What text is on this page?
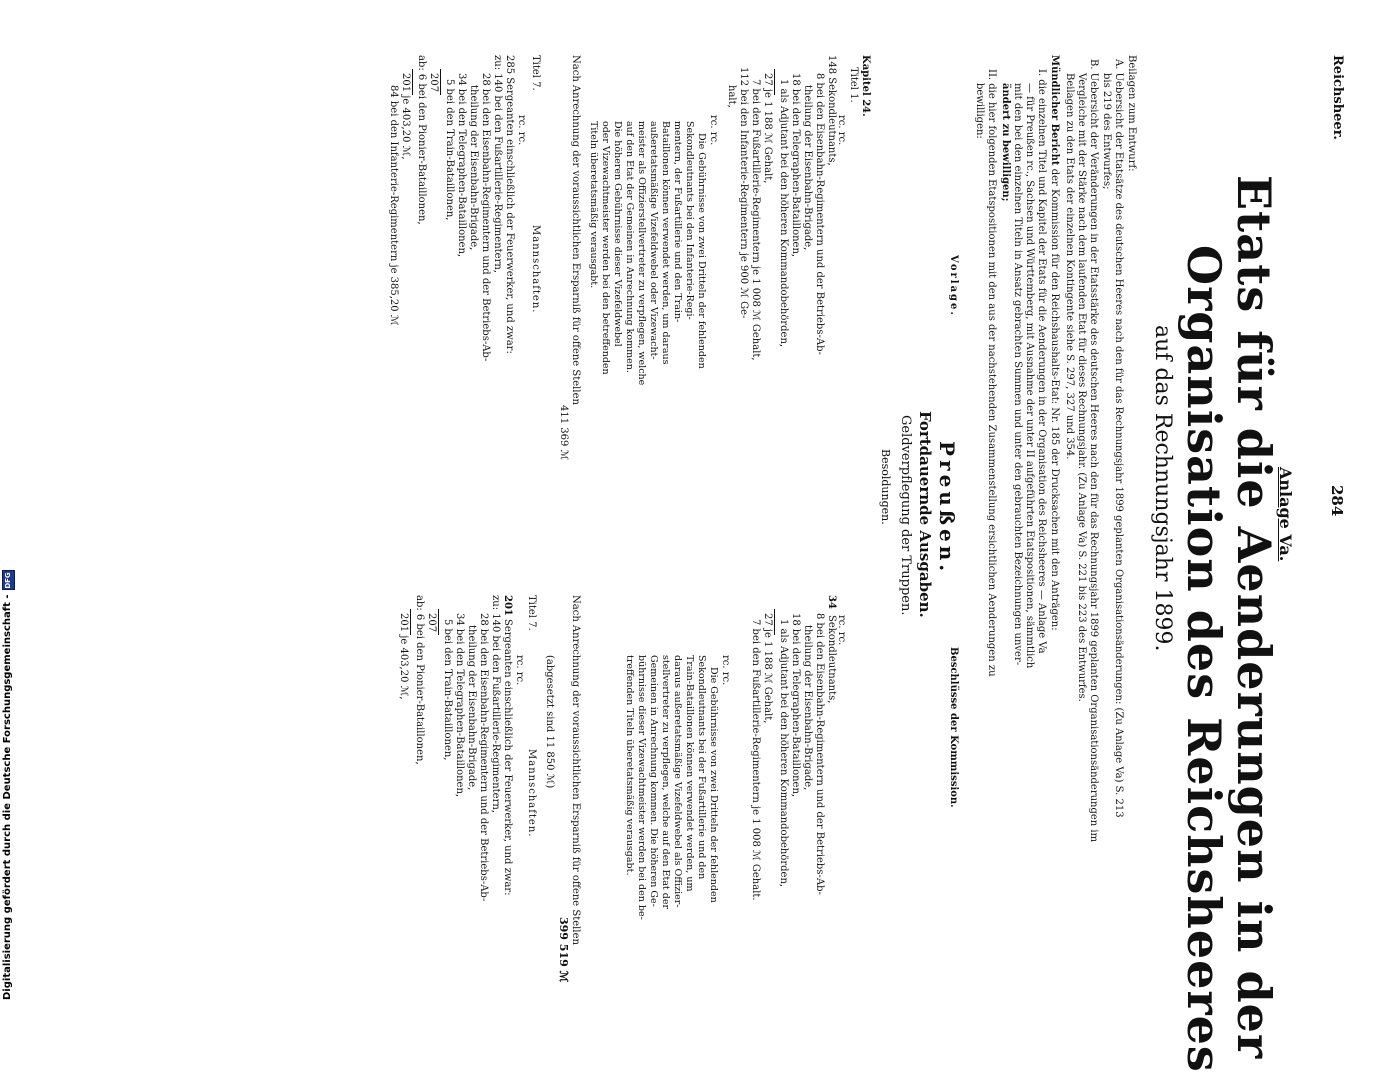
Reichsheer.
284
Anlage Va.
Etats für die Aenderungen in der
Organisation des Reichsheeres
auf das Rechnungsjahr 1899.
Beilagen zum Entwurf:
A. Uebersicht der Etatsätze des deutschen Heeres nach den für das Rechnungsjahr 1899 geplanten Organisationsänderungen: (Zu Anlage Va) S. 213
bis 219 des Entwurfes;
B. Uebersicht der Veränderungen in der Etatsstärke des deutschen Heeres nach den für das Rechnungsjahr 1899 geplanten Organisationsänderungen im
Vergleiche mit der Stärke nach dem laufenden Etat für dieses Rechnungsjahr. (Zu Anlage Va) S. 221 bis 223 des Entwurfes.
Beilagen zu den Etats der einzelnen Kontingente siehe S. 297, 327 und 354.
Mündlicher Bericht der Kommission für den Reichshaushalts-Etat: Nr. 185 der Drucksachen mit den Anträgen:
I. die einzelnen Titel und Kapitel der Etats für die Aenderungen in der Organisation des Reichsheeres — Anlage Va
— für Preußen rc., Sachsen und Württemberg, mit Ausnahme der unter II aufgeführten Etatspositionen, sämmtlich
mit den bei den einzelnen Titeln in Ansatz gebrachten Summen und unter den gebrauchten Bezeichnungen unver-
ändert zu bewilligen;
II. die hier folgenden Etatspositionen mit den aus der nachstehenden Zusammenstellung ersichtlichen Aenderungen zu
bewilligen:
Vorlage.
Beschlüsse der Kommission.
Preußen.
Fortdauernde Ausgaben.
Geldverpflegung der Truppen.
Besoldungen.
Kapitel 24.
Titel 1.
rc. rc.
148 Sekondleutnants,
8 bei den Eisenbahn-Regimentern und der Betriebs-Ab-
theilung der Eisenbahn-Brigade,
18 bei den Telegraphen-Bataillonen,
1 als Adjutant bei den höheren Kommandobehörden,
27 je 1 188 ℳ Gehalt,
7 bei den Fußartillerie-Regimentern je 1 008 ℳ Gehalt,
112 bei den Infanterie-Regimentern je 900 ℳ Ge-
halt,
rc. rc.
Die Gebührnisse von zwei Dritteln der fehlenden
Sekondleutnants bei den Infanterie-Regi-
mentern, der Fußartillerie und den Train-
Bataillonen können verwendet werden, um daraus
außeretatsmäßige Vizefeldwebel oder Vizewacht-
meister als Offizierstellvertreter zu verpflegen, welche
auf den Etat der Gemeinen in Anrechnung kommen.
Die höheren Gebührnisse dieser Vizefeldwebel
oder Vizewachtmeister werden bei den betreffenden
Titeln überetatsmäßig verausgabt.
Nach Anrechnung der voraussichtlichen Ersparniß für offene Stellen
411 369 ℳ
Titel 7.
Mannschaften.
rc. rc.
285 Sergeanten einschließlich der Feuerwerker, und zwar:
zu: 140 bei den Fußartillerie-Regimentern,
28 bei den Eisenbahn-Regimentern und der Betriebs-Ab-
theilung der Eisenbahn-Brigade,
34 bei den Telegraphen-Bataillonen,
5 bei den Train-Bataillonen,
207
ab: 6 bei den Pionier-Bataillonen,
201 je 403,20 ℳ,
84 bei den Infanterie-Regimentern je 385,20 ℳ
rc. rc.
34
Sekondleutnants,
8 bei den Eisenbahn-Regimentern und der Betriebs-Ab-
theilung der Eisenbahn-Brigade,
18 bei den Telegraphen-Bataillonen,
1 als Adjutant bei den höheren Kommandobehörden,
27 je 1 188 ℳ Gehalt,
7 bei den Fußartillerie-Regimentern je 1 008 ℳ Gehalt.
rc. rc.
Die Gebührnisse von zwei Dritteln der fehlenden
Sekondleutnants bei der Fußartillerie und den
Train-Bataillonen können verwendet werden, um
daraus außeretatsmäßige Vizefeldwebel als Offizier-
stellvertreter zu verpflegen, welche auf den Etat der
Gemeinen in Anrechnung kommen. Die höheren Ge-
bührnisse dieser Vizewachtmeister werden bei den be-
treffenden Titeln überetatsmäßig verausgabt.
Nach Anrechnung der voraussichtlichen Ersparniß für offene Stellen
399 519 ℳ
(abgesetzt sind 11 850 ℳ)
Titel 7.
Mannschaften.
rc. rc.
201
Sergeanten einschließlich der Feuerwerker, und zwar:
zu: 140 bei den Fußartillerie-Regimentern,
28 bei den Eisenbahn-Regimentern und der Betriebs-Ab-
theilung der Eisenbahn-Brigade,
34 bei den Telegraphen-Bataillonen,
5 bei den Train-Bataillonen,
207
ab: 6 bei den Pionier-Bataillonen,
201 je 403,20 ℳ,
Digitalisierung gefördert durch die Deutsche Forschungsgemeinschaft -DFG
